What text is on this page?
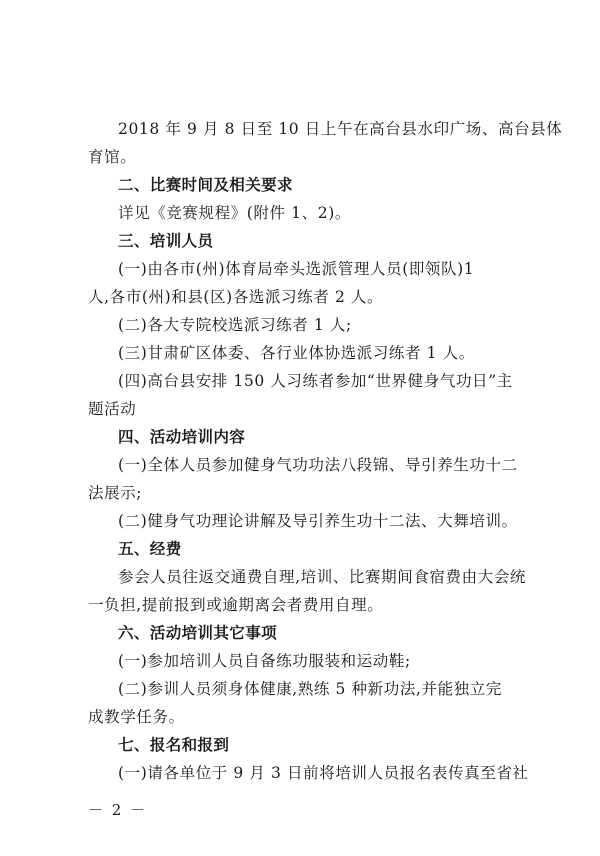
2018 年 9 月 8 日至 10 日上午在高台县水印广场、高台县体
育馆。
二、比赛时间及相关要求
详见《竞赛规程》(附件 1、2)。
三、培训人员
(一)由各市(州)体育局牵头选派管理人员(即领队)1
人,各市(州)和县(区)各选派习练者 2 人。
(二)各大专院校选派习练者 1 人;
(三)甘肃矿区体委、各行业体协选派习练者 1 人。
(四)高台县安排 150 人习练者参加“世界健身气功日”主
题活动
四、活动培训内容
(一)全体人员参加健身气功功法八段锦、导引养生功十二
法展示;
(二)健身气功理论讲解及导引养生功十二法、大舞培训。
五、经费
参会人员往返交通费自理,培训、比赛期间食宿费由大会统
一负担,提前报到或逾期离会者费用自理。
六、活动培训其它事项
(一)参加培训人员自备练功服装和运动鞋;
(二)参训人员须身体健康,熟练 5 种新功法,并能独立完
成教学任务。
七、报名和报到
(一)请各单位于 9 月 3 日前将培训人员报名表传真至省社
－ 2 －
